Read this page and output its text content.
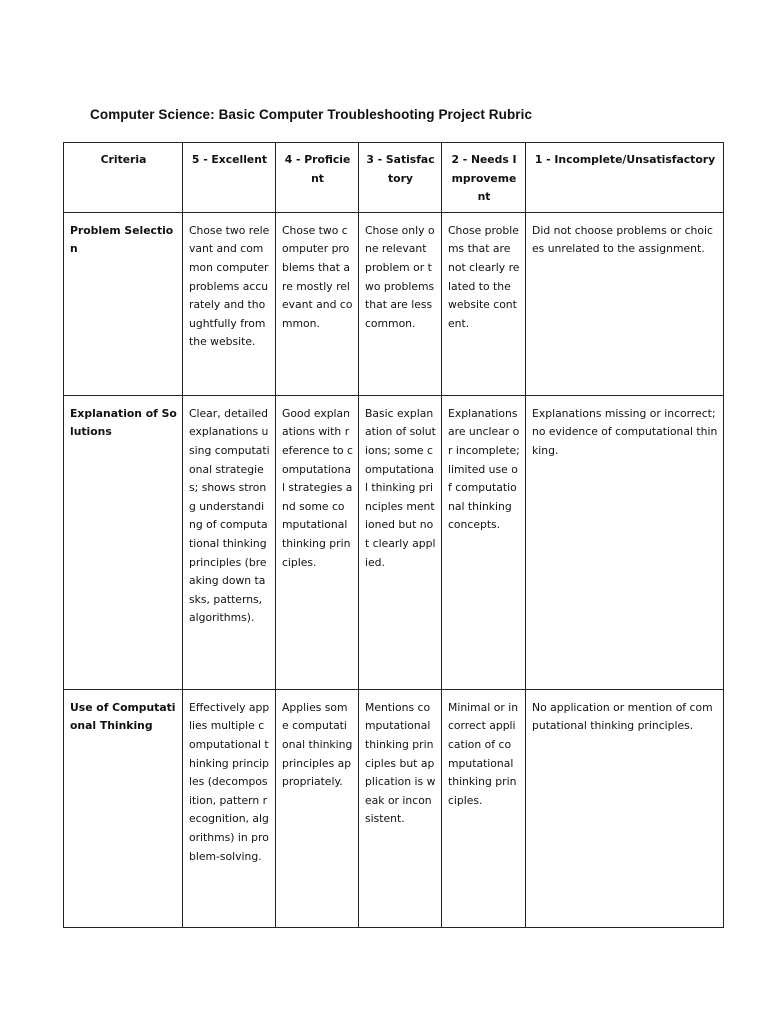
Computer Science: Basic Computer Troubleshooting Project Rubric
Criteria	5 - Excellent	4 - Proficient	3 - Satisfactory	2 - Needs Improvement	1 - Incomplete/Unsatisfactory
Problem Selection	Chose two relevant and common computer problems accurately and thoughtfully from the website.	Chose two computer problems that are mostly relevant and common.	Chose only one relevant problem or two problems that are less common.	Chose problems that are not clearly related to the website content.	Did not choose problems or choices unrelated to the assignment.
Explanation of Solutions	Clear, detailed explanations using computational strategies; shows strong understanding of computational thinking principles (breaking down tasks, patterns, algorithms).	Good explanations with reference to computational strategies and some computational thinking principles.	Basic explanation of solutions; some computational thinking principles mentioned but not clearly applied.	Explanations are unclear or incomplete; limited use of computational thinking concepts.	Explanations missing or incorrect; no evidence of computational thinking.
Use of Computational Thinking	Effectively applies multiple computational thinking principles (decomposition, pattern recognition, algorithms) in problem-solving.	Applies some computational thinking principles appropriately.	Mentions computational thinking principles but application is weak or inconsistent.	Minimal or incorrect application of computational thinking principles.	No application or mention of computational thinking principles.
